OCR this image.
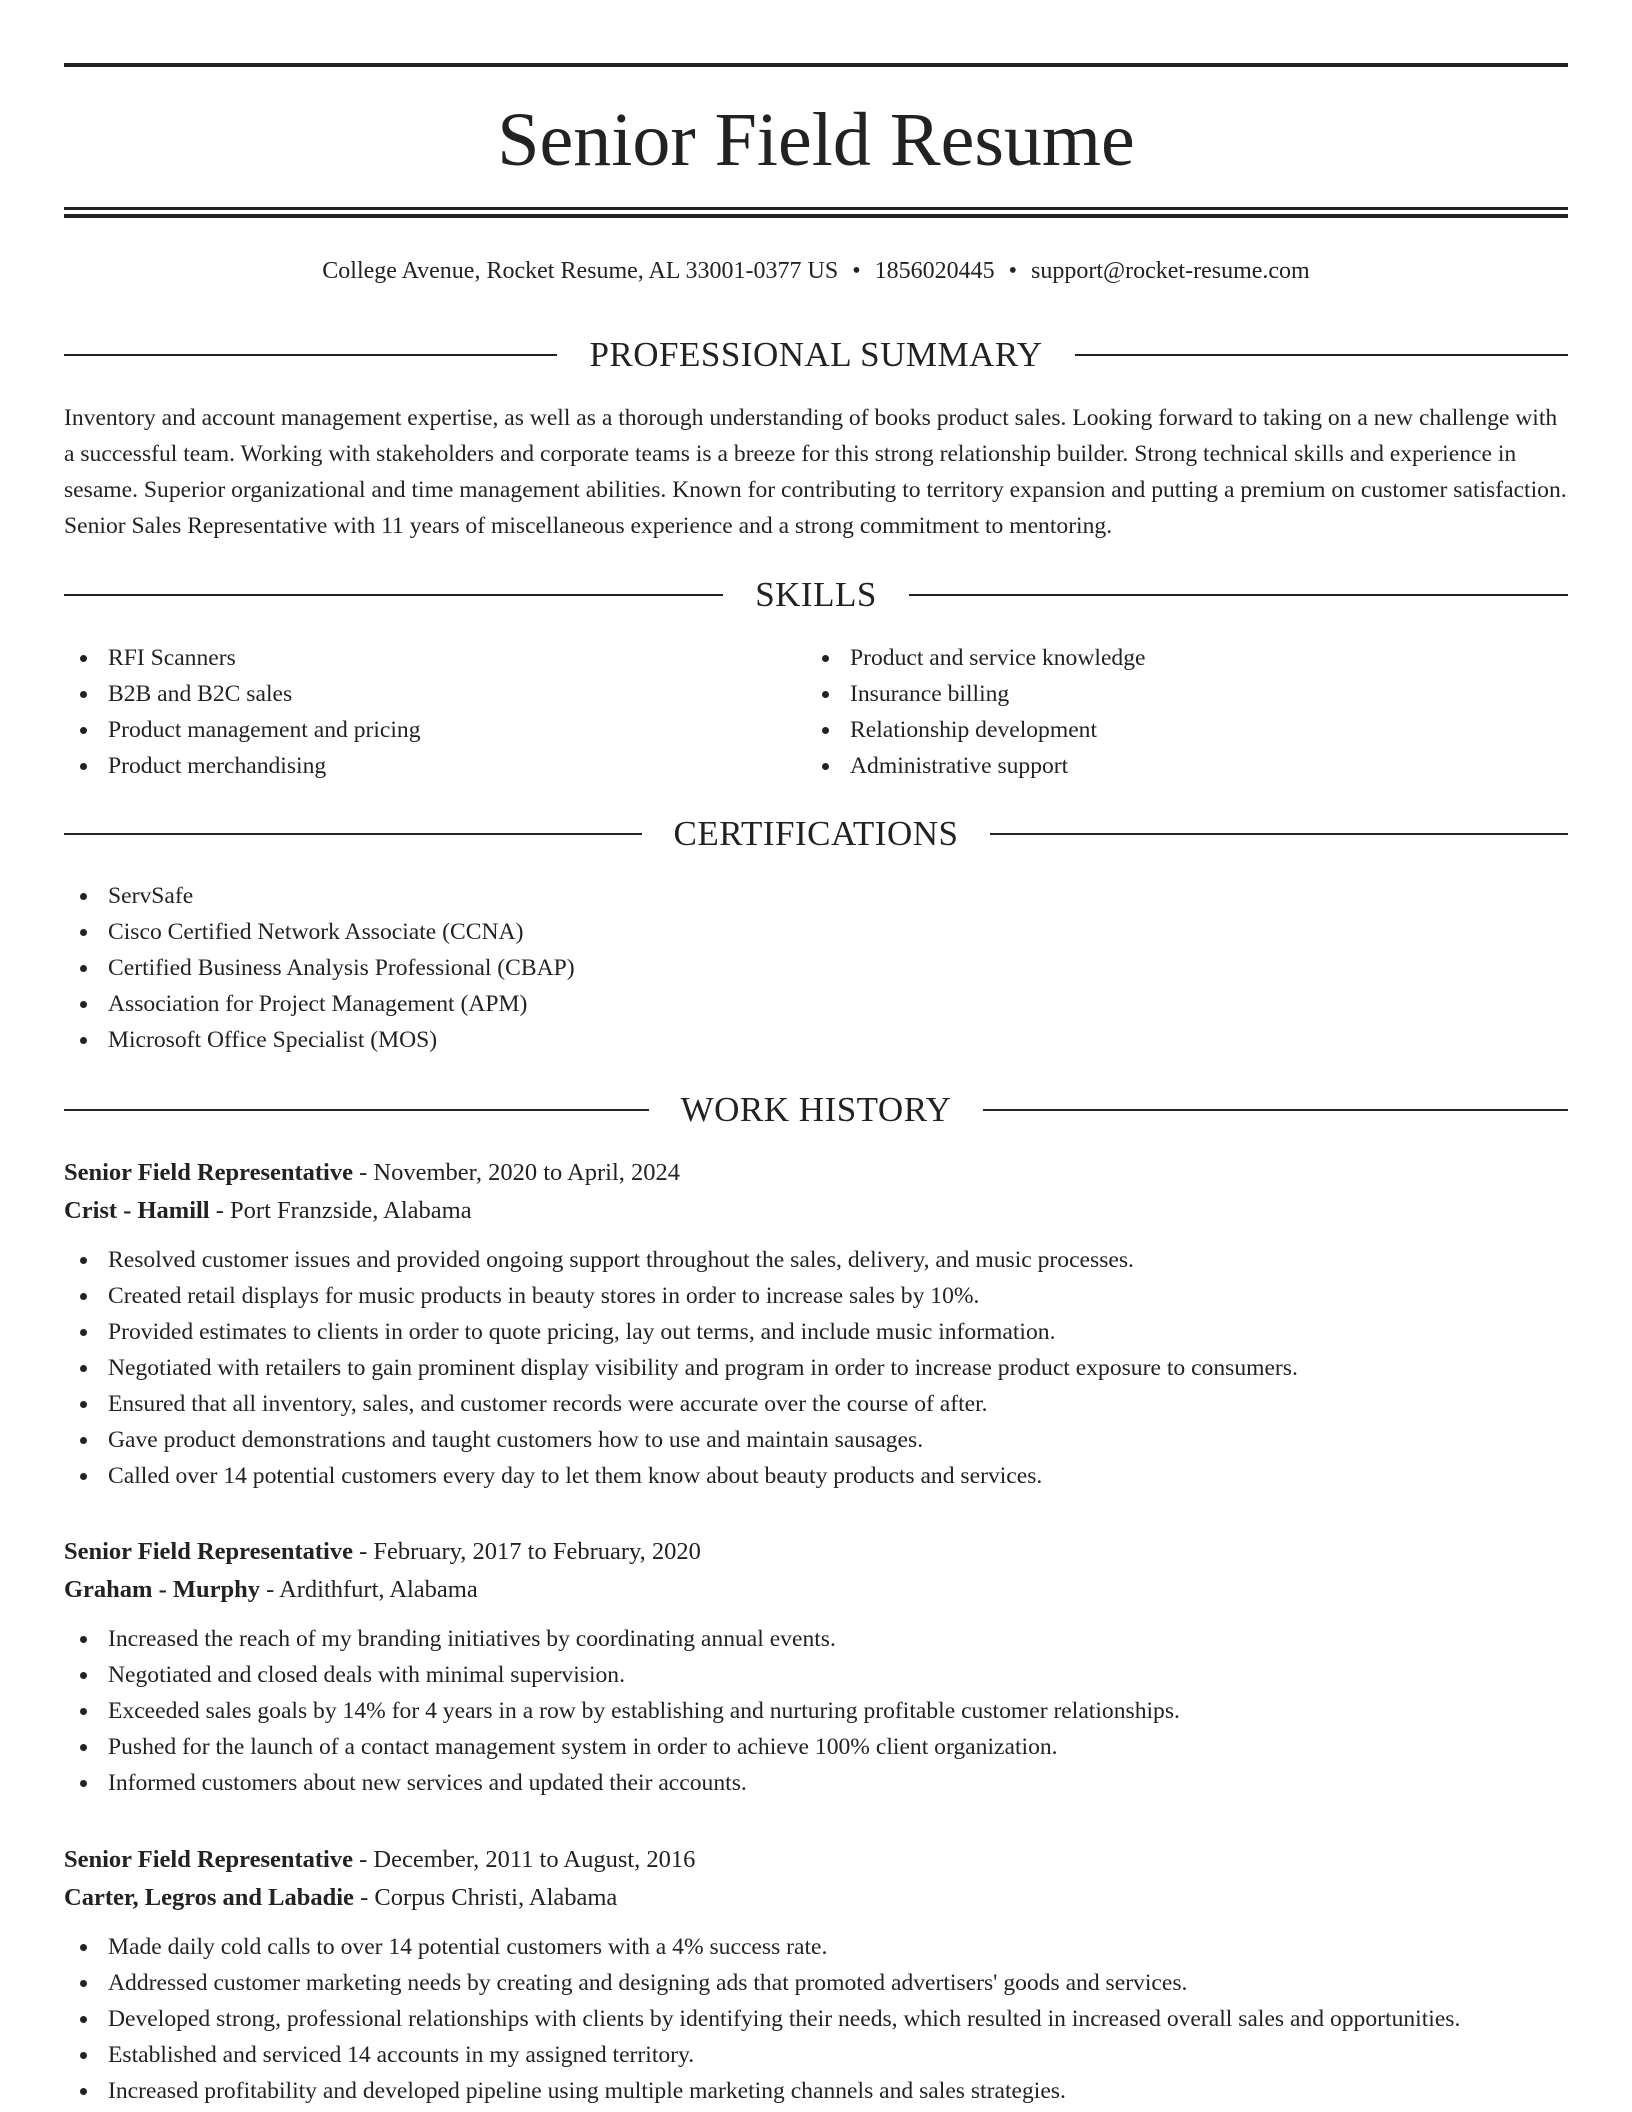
Senior Field Resume
College Avenue, Rocket Resume, AL 33001-0377 US • 1856020445 • support@rocket-resume.com
PROFESSIONAL SUMMARY

Inventory and account management expertise, as well as a thorough understanding of books product sales. Looking forward to taking on a new challenge with a successful team. Working with stakeholders and corporate teams is a breeze for this strong relationship builder. Strong technical skills and experience in sesame. Superior organizational and time management abilities. Known for contributing to territory expansion and putting a premium on customer satisfaction. Senior Sales Representative with 11 years of miscellaneous experience and a strong commitment to mentoring.

SKILLS
RFI Scanners
B2B and B2C sales
Product management and pricing
Product merchandising
Product and service knowledge
Insurance billing
Relationship development
Administrative support
CERTIFICATIONS
ServSafe
Cisco Certified Network Associate (CCNA)
Certified Business Analysis Professional (CBAP)
Association for Project Management (APM)
Microsoft Office Specialist (MOS)
WORK HISTORY
Senior Field Representative - November, 2020 to April, 2024
Crist - Hamill - Port Franzside, Alabama
Resolved customer issues and provided ongoing support throughout the sales, delivery, and music processes.
Created retail displays for music products in beauty stores in order to increase sales by 10%.
Provided estimates to clients in order to quote pricing, lay out terms, and include music information.
Negotiated with retailers to gain prominent display visibility and program in order to increase product exposure to consumers.
Ensured that all inventory, sales, and customer records were accurate over the course of after.
Gave product demonstrations and taught customers how to use and maintain sausages.
Called over 14 potential customers every day to let them know about beauty products and services.
Senior Field Representative - February, 2017 to February, 2020
Graham - Murphy - Ardithfurt, Alabama
Increased the reach of my branding initiatives by coordinating annual events.
Negotiated and closed deals with minimal supervision.
Exceeded sales goals by 14% for 4 years in a row by establishing and nurturing profitable customer relationships.
Pushed for the launch of a contact management system in order to achieve 100% client organization.
Informed customers about new services and updated their accounts.
Senior Field Representative - December, 2011 to August, 2016
Carter, Legros and Labadie - Corpus Christi, Alabama
Made daily cold calls to over 14 potential customers with a 4% success rate.
Addressed customer marketing needs by creating and designing ads that promoted advertisers' goods and services.
Developed strong, professional relationships with clients by identifying their needs, which resulted in increased overall sales and opportunities.
Established and serviced 14 accounts in my assigned territory.
Increased profitability and developed pipeline using multiple marketing channels and sales strategies.
